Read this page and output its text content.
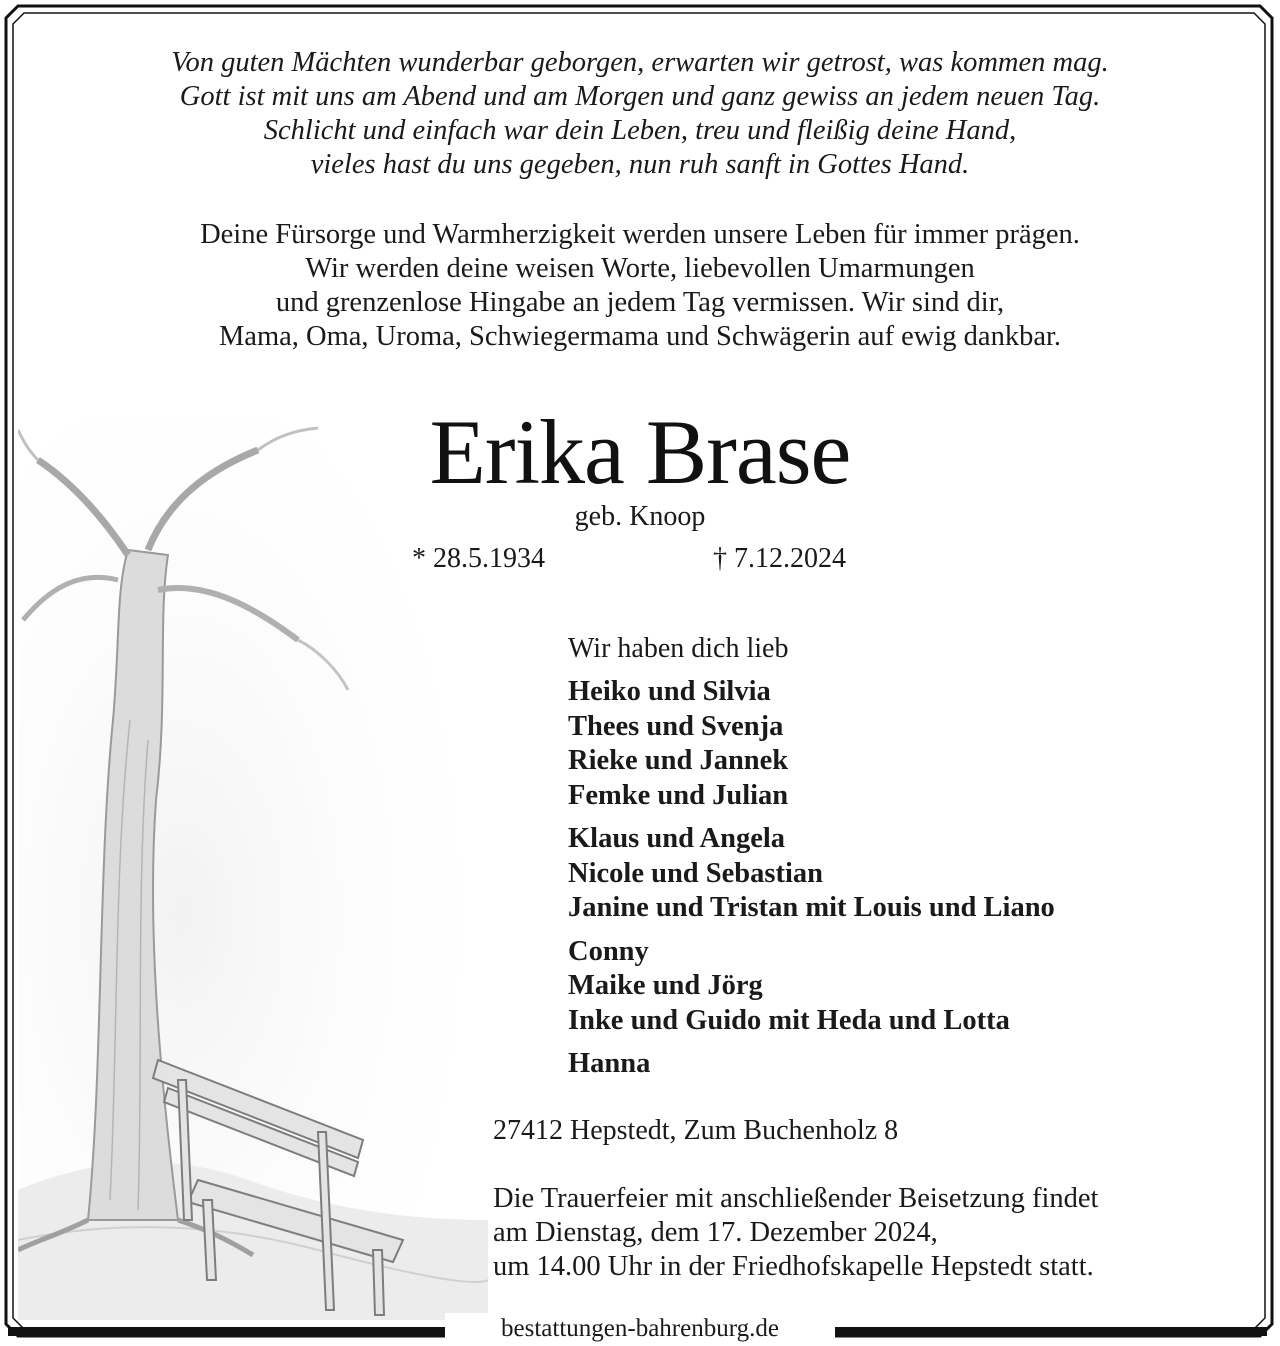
Von guten Mächten wunderbar geborgen, erwarten wir getrost, was kommen mag.
Gott ist mit uns am Abend und am Morgen und ganz gewiss an jedem neuen Tag.
Schlicht und einfach war dein Leben, treu und fleißig deine Hand,
vieles hast du uns gegeben, nun ruh sanft in Gottes Hand.
Deine Fürsorge und Warmherzigkeit werden unsere Leben für immer prägen.
Wir werden deine weisen Worte, liebevollen Umarmungen
und grenzenlose Hingabe an jedem Tag vermissen. Wir sind dir,
Mama, Oma, Uroma, Schwiegermama und Schwägerin auf ewig dankbar.
Erika Brase
geb. Knoop
* 28.5.1934	† 7.12.2024
Wir haben dich lieb
Heiko und Silvia
Thees und Svenja
Rieke und Jannek
Femke und Julian
Klaus und Angela
Nicole und Sebastian
Janine und Tristan mit Louis und Liano
Conny
Maike und Jörg
Inke und Guido mit Heda und Lotta
Hanna
27412 Hepstedt, Zum Buchenholz 8
Die Trauerfeier mit anschließender Beisetzung findet
am Dienstag, dem 17. Dezember 2024,
um 14.00 Uhr in der Friedhofskapelle Hepstedt statt.
bestattungen-bahrenburg.de
